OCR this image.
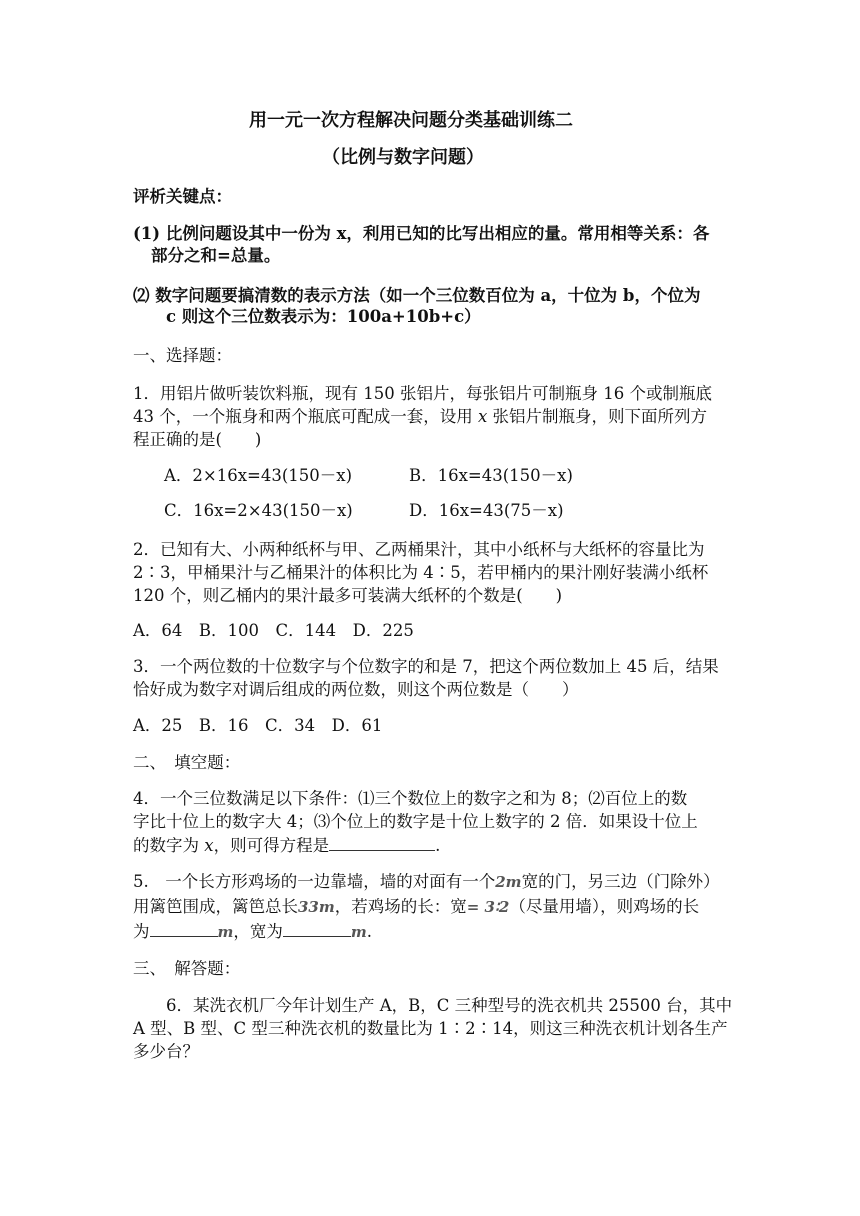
用一元一次方程解决问题分类基础训练二
（比例与数字问题）
评析关键点：
(1) 比例问题设其中一份为 x，利用已知的比写出相应的量。常用相等关系：各
部分之和=总量。
⑵ 数字问题要搞清数的表示方法（如一个三位数百位为 a，十位为 b，个位为
c 则这个三位数表示为：100a+10b+c）
一、选择题：
1．用铝片做听装饮料瓶，现有 150 张铝片，每张铝片可制瓶身 16 个或制瓶底
43 个，一个瓶身和两个瓶底可配成一套，设用 x 张铝片制瓶身，则下面所列方
程正确的是(　　)
A．2×16x=43(150－x)	B．16x=43(150－x)
C．16x=2×43(150－x)	D．16x=43(75－x)
2．已知有大、小两种纸杯与甲、乙两桶果汁，其中小纸杯与大纸杯的容量比为
2∶3，甲桶果汁与乙桶果汁的体积比为 4∶5，若甲桶内的果汁刚好装满小纸杯
120 个，则乙桶内的果汁最多可装满大纸杯的个数是(　　)
A．64　B．100　C．144　D．225
3．一个两位数的十位数字与个位数字的和是 7，把这个两位数加上 45 后，结果
恰好成为数字对调后组成的两位数，则这个两位数是（　　）
A．25　B．16　C．34　D．61
二、　填空题：
4．一个三位数满足以下条件：⑴三个数位上的数字之和为 8；⑵百位上的数
字比十位上的数字大 4；⑶个位上的数字是十位上数字的 2 倍．如果设十位上
的数字为 x，则可得方程是	.
5.　一个长方形鸡场的一边靠墙，墙的对面有一个2m宽的门，另三边（门除外）
用篱笆围成，篱笆总长33m，若鸡场的长：宽= 3∶2（尽量用墙），则鸡场的长
为	m，宽为	m.
三、　解答题：
6．某洗衣机厂今年计划生产 A，B，C 三种型号的洗衣机共 25500 台，其中
A 型、B 型、C 型三种洗衣机的数量比为 1∶2∶14，则这三种洗衣机计划各生产
多少台？
